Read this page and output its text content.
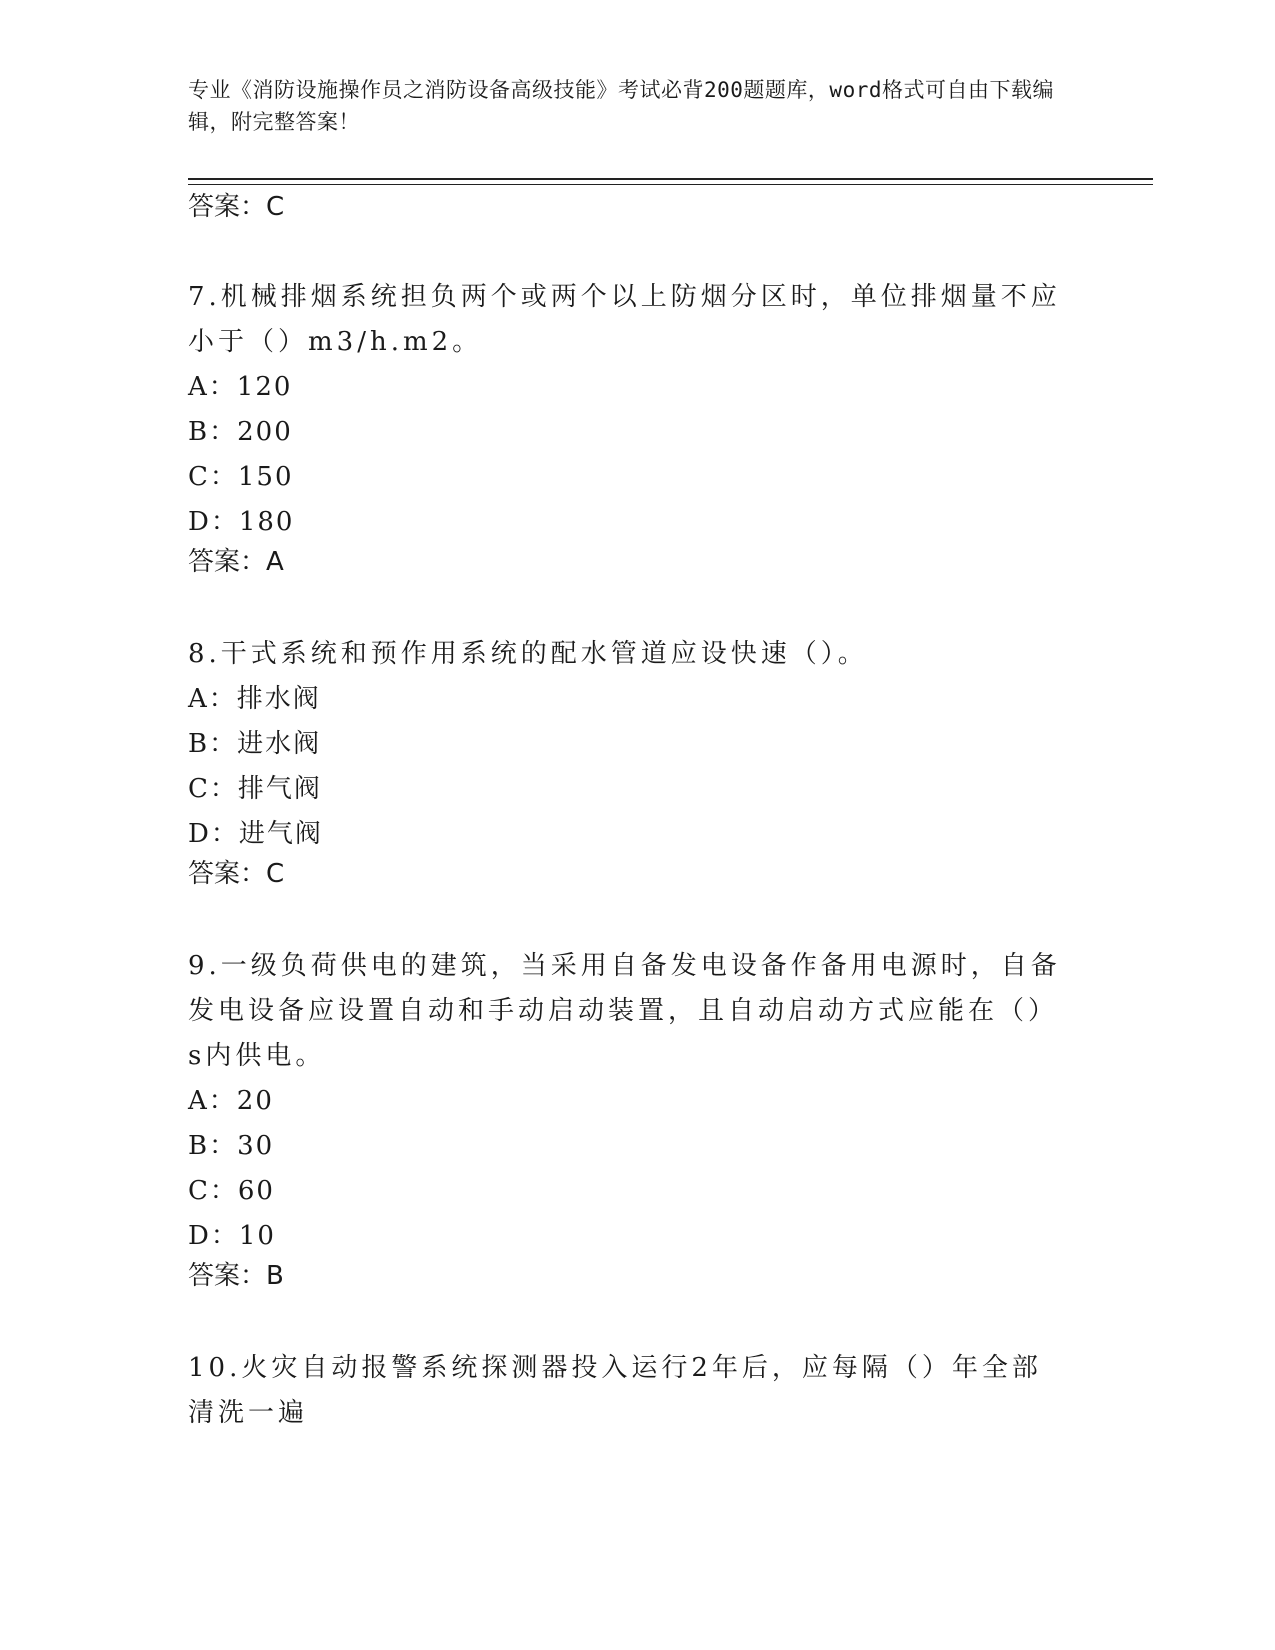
专业《消防设施操作员之消防设备高级技能》考试必背200题题库，word格式可自由下载编辑，附完整答案！

答案：C

7.机械排烟系统担负两个或两个以上防烟分区时，单位排烟量不应小于（）m3/h.m2。

A：120

B：200

C：150

D：180

答案：A

8.干式系统和预作用系统的配水管道应设快速（）。

A：排水阀

B：进水阀

C：排气阀

D：进气阀

答案：C

9.一级负荷供电的建筑，当采用自备发电设备作备用电源时，自备发电设备应设置自动和手动启动装置，且自动启动方式应能在（）s内供电。

A：20

B：30

C：60

D：10

答案：B

10.火灾自动报警系统探测器投入运行2年后，应每隔（）年全部清洗一遍
